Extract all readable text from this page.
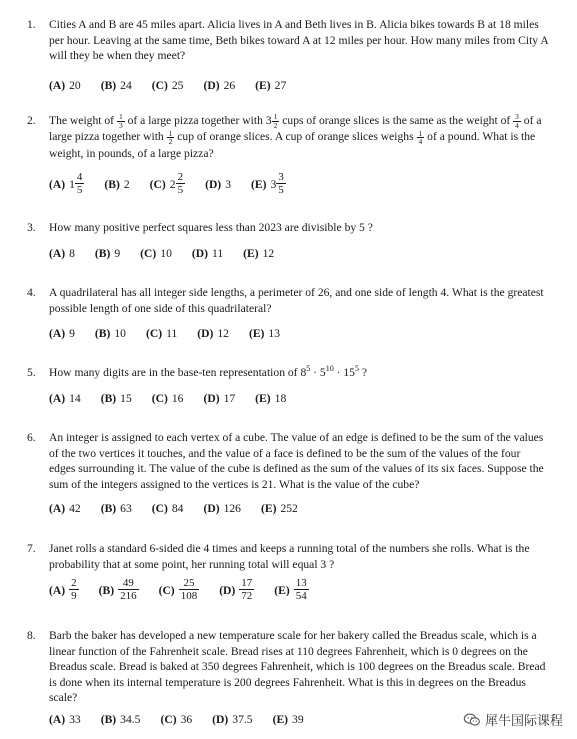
1.	Cities A and B are 45 miles apart. Alicia lives in A and Beth lives in B. Alicia bikes towards B at 18 miles per hour. Leaving at the same time, Beth bikes toward A at 12 miles per hour. How many miles from City A will they be when they meet?
(A) 20 (B) 24 (C) 25 (D) 26 (E) 27
2.	The weight of $\frac{1}{3}$ of a large pizza together with $3 \frac{1}{2}$ cups of orange slices is the same as the weight of $\frac{3}{4}$ of a large pizza together with $\frac{1}{2}$ cup of orange slices. A cup of orange slices weighs $\frac{1}{4}$ of a pound. What is the weight, in pounds, of a large pizza?
(A) $1 \frac{4}{5} (B)$ 2 (C) $2 \frac{2}{5} (D)$ 3 (E) $3 \frac{3}{5}$
3.	How many positive perfect squares less than 2023 are divisible by 5 ?
(A) 8 (B) 9 (C) 10 (D) 11 (E) 12
4.	A quadrilateral has all integer side lengths, a perimeter of 26, and one side of length 4. What is the greatest possible length of one side of this quadrilateral?
(A) 9 (B) 10 (C) 11 (D) 12 (E) 13
5.	How many digits are in the base-ten representation of $8^5 \cdot 5^{10} \cdot 15^5$ ?
(A) 14 (B) 15 (C) 16 (D) 17 (E) 18
6.	An integer is assigned to each vertex of a cube. The value of an edge is defined to be the sum of the values of the two vertices it touches, and the value of a face is defined to be the sum of the values of the four edges surrounding it. The value of the cube is defined as the sum of the values of its six faces. Suppose the sum of the integers assigned to the vertices is 21. What is the value of the cube?
(A) 42 (B) 63 (C) 84 (D) 126 (E) 252
7.	Janet rolls a standard 6-sided die 4 times and keeps a running total of the numbers she rolls. What is the probability that at some point, her running total will equal 3 ?
$(A) \frac{2}{9} (B) \frac{49}{216} (C) \frac{25}{108} (D) \frac{17}{72} (E) \frac{13}{54}$
8.	Barb the baker has developed a new temperature scale for her bakery called the Breadus scale, which is a linear function of the Fahrenheit scale. Bread rises at 110 degrees Fahrenheit, which is 0 degrees on the Breadus scale. Bread is baked at 350 degrees Fahrenheit, which is 100 degrees on the Breadus scale. Bread is done when its internal temperature is 200 degrees Fahrenheit. What is this in degrees on the Breadus scale?
(A) 33 (B) 34.5 (C) 36 (D) 37.5 (E) 39	犀牛国际课程
